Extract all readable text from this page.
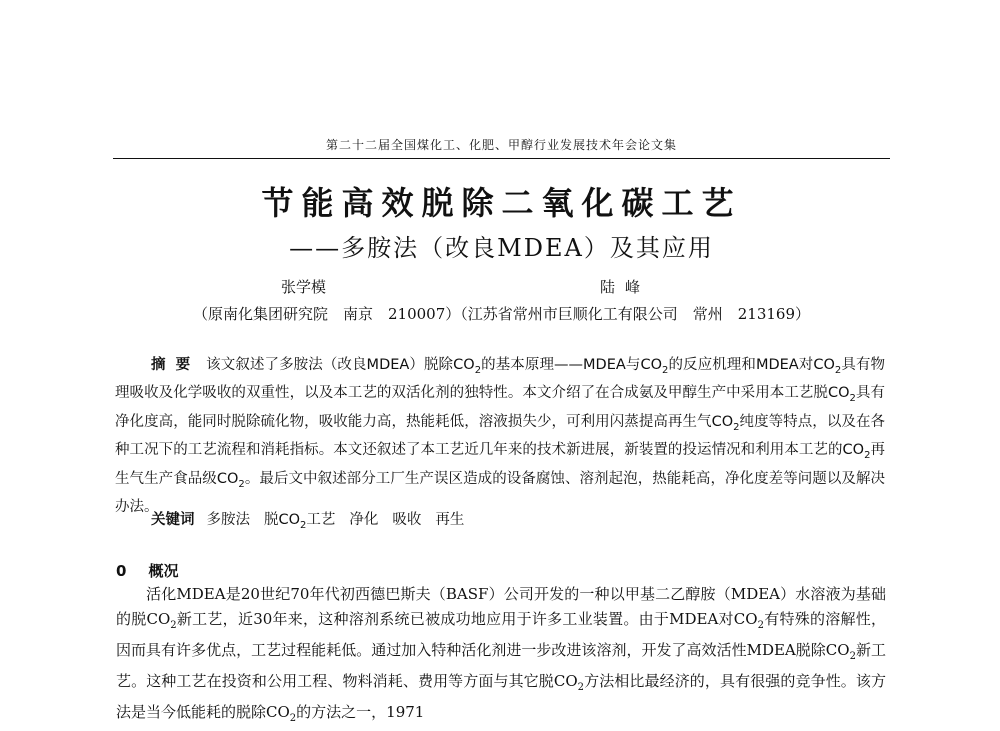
第二十二届全国煤化工、化肥、甲醇行业发展技术年会论文集
节能高效脱除二氧化碳工艺
——多胺法（改良MDEA）及其应用
张学模	陆峰
（原南化集团研究院　南京　210007）（江苏省常州市巨顺化工有限公司　常州　213169）
摘要 该文叙述了多胺法（改良MDEA）脱除$CO_2$的基本原理——MDEA与$CO_2$的反应机理和MDEA对$CO_2$具有物理吸收及化学吸收的双重性，以及本工艺的双活化剂的独特性。本文介绍了在合成氨及甲醇生产中采用本工艺脱$CO_2$具有净化度高，能同时脱除硫化物，吸收能力高，热能耗低，溶液损失少，可利用闪蒸提高再生气$CO_2$纯度等特点，以及在各种工况下的工艺流程和消耗指标。本文还叙述了本工艺近几年来的技术新进展，新装置的投运情况和利用本工艺的$CO_2$再生气生产食品级$CO_2$。最后文中叙述部分工厂生产误区造成的设备腐蚀、溶剂起泡，热能耗高，净化度差等问题以及解决办法。
关键词 多胺法 脱$CO_2$工艺 净化 吸收 再生
0 概况
活化MDEA是20世纪70年代初西德巴斯夫（BASF）公司开发的一种以甲基二乙醇胺（MDEA）水溶液为基础的脱$CO_2$新工艺，近30年来，这种溶剂系统已被成功地应用于许多工业装置。由于MDEA对$CO_2$有特殊的溶解性，因而具有许多优点，工艺过程能耗低。通过加入特种活化剂进一步改进该溶剂，开发了高效活性MDEA脱除$CO_2$新工艺。这种工艺在投资和公用工程、物料消耗、费用等方面与其它脱$CO_2$方法相比最经济的，具有很强的竞争性。该方法是当今低能耗的脱除$CO_2$的方法之一，1971
